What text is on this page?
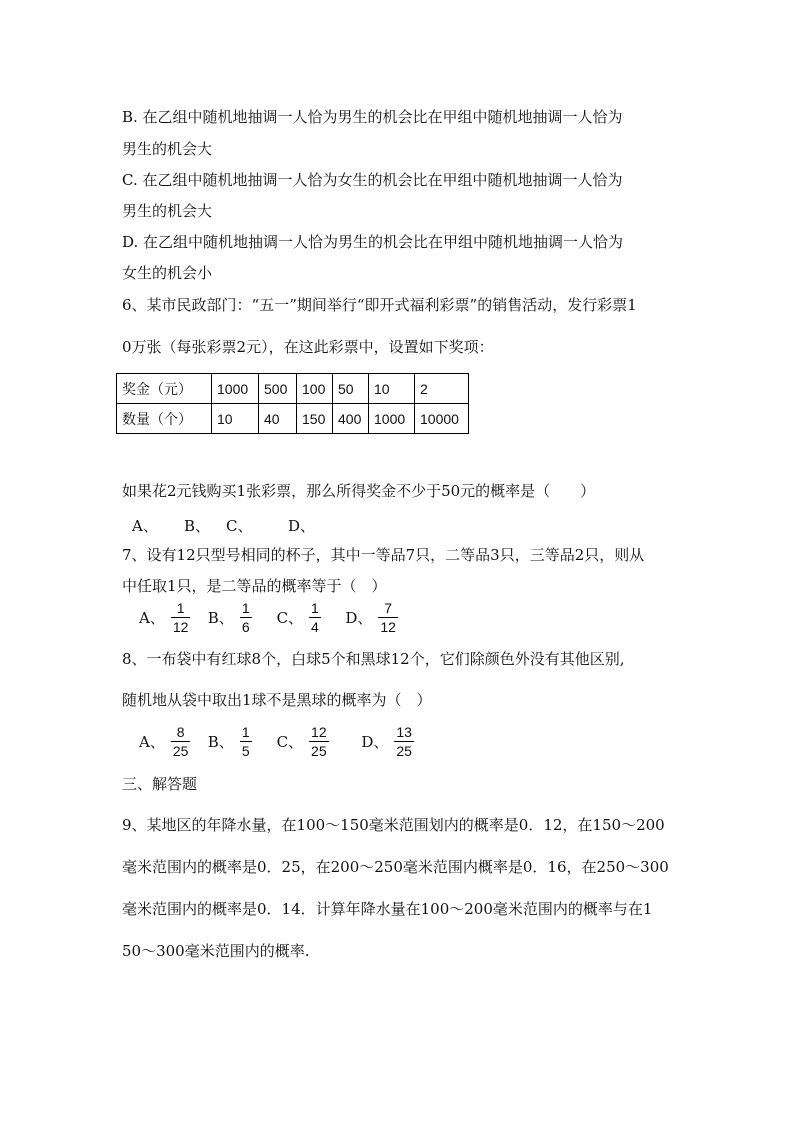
B. 在乙组中随机地抽调一人恰为男生的机会比在甲组中随机地抽调一人恰为
男生的机会大
C. 在乙组中随机地抽调一人恰为女生的机会比在甲组中随机地抽调一人恰为
男生的机会大
D. 在乙组中随机地抽调一人恰为男生的机会比在甲组中随机地抽调一人恰为
女生的机会小
6、某市民政部门：“五一”期间举行“即开式福利彩票”的销售活动，发行彩票1
0万张（每张彩票2元），在这此彩票中，设置如下奖项：
奖金（元）	1000	500	100	50	10	2
数量（个）	10	40	150	400	1000	10000
如果花2元钱购买1张彩票，那么所得奖金不少于50元的概率是（　　）
A、 B、 C、 D、
7、设有12只型号相同的杯子，其中一等品7只，二等品3只，三等品2只，则从
中任取1只，是二等品的概率等于（　）
A、 $\frac{1}{12}$
B、 $\frac{1}{6}$
C、 $\frac{1}{4}$
D、 $\frac{7}{12}$
8、一布袋中有红球8个，白球5个和黑球12个，它们除颜色外没有其他区别,
随机地从袋中取出1球不是黑球的概率为（　）
A、 $\frac{8}{25}$
B、 $\frac{1}{5}$
C、 $\frac{12}{25}$
D、 $\frac{13}{25}$
三、解答题
9、某地区的年降水量，在100～150毫米范围划内的概率是0．12，在150～200
毫米范围内的概率是0．25，在200～250毫米范围内概率是0．16，在250～300
毫米范围内的概率是0．14．计算年降水量在100～200毫米范围内的概率与在1
50～300毫米范围内的概率.
